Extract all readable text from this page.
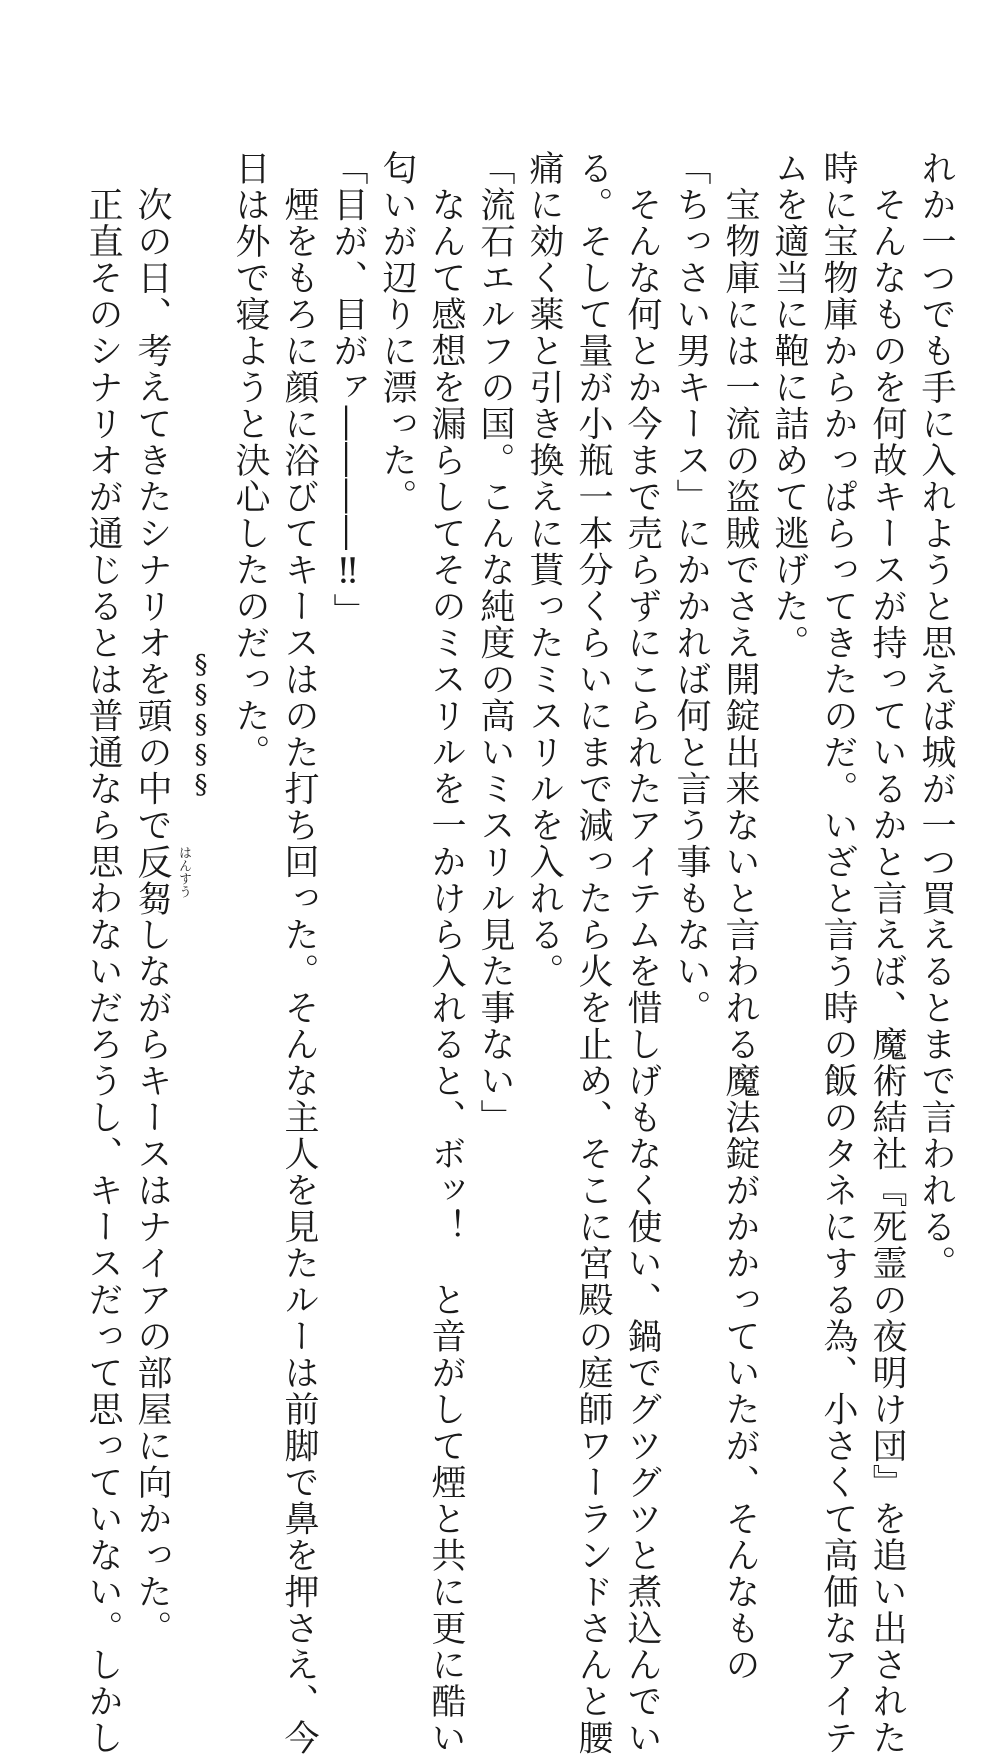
れか一つでも手に入れようと思えば城が一つ買えるとまで言われる。
　そんなものを何故キースが持っているかと言えば、魔術結社『死霊の夜明け団』を追い出された
時に宝物庫からかっぱらってきたのだ。いざと言う時の飯のタネにする為、小さくて高価なアイテ
ムを適当に鞄に詰めて逃げた。
　宝物庫には一流の盗賊でさえ開錠出来ないと言われる魔法錠がかかっていたが、そんなもの
「ちっさい男キース」にかかれば何と言う事もない。
　そんな何とか今まで売らずにこられたアイテムを惜しげもなく使い、鍋でグツグツと煮込んでい
る。そして量が小瓶一本分くらいにまで減ったら火を止め、そこに宮殿の庭師ワーランドさんと腰
痛に効く薬と引き換えに貰ったミスリルを入れる。
「流石エルフの国。こんな純度の高いミスリル見た事ない」
　なんて感想を漏らしてそのミスリルを一かけら入れると、ボッ！　と音がして煙と共に更に酷い
匂いが辺りに漂った。
「目が、目がァ――――‼」
　煙をもろに顔に浴びてキースはのた打ち回った。そんな主人を見たルーは前脚で鼻を押さえ、今
日は外で寝ようと決心したのだった。
§§§§§
　次の日、考えてきたシナリオを頭の中で反芻 はんすう
しながらキースはナイアの部屋に向かった。
　正直そのシナリオが通じるとは普通なら思わないだろうし、キースだって思っていない。しかし
